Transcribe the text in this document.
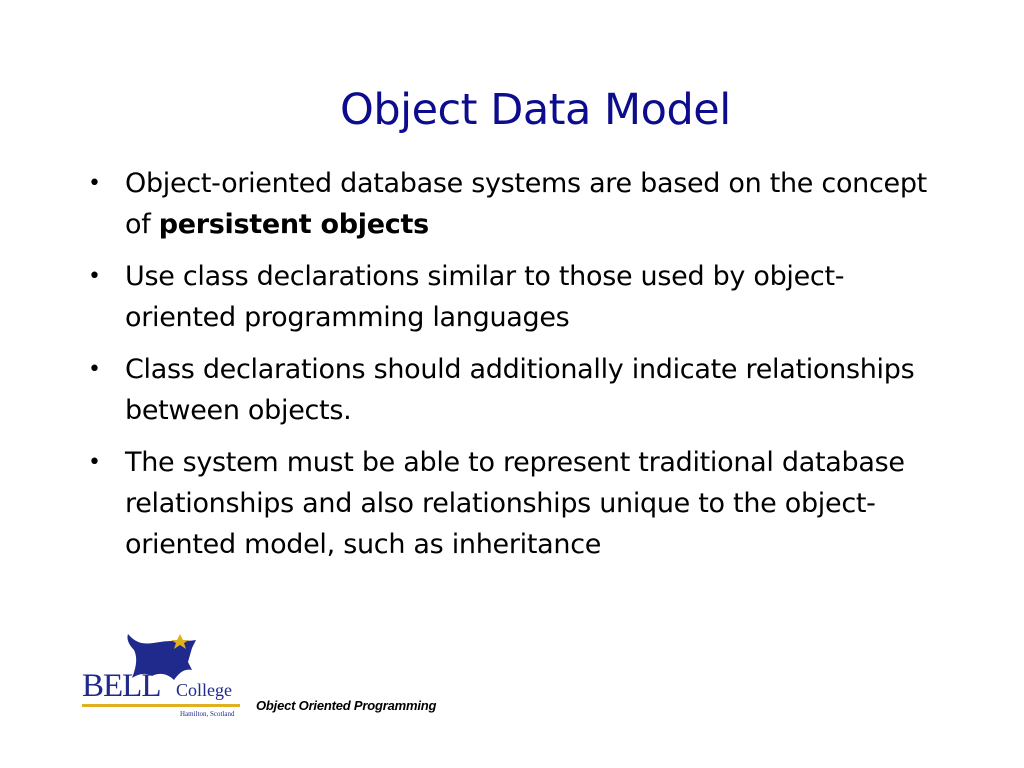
Object Data Model
• Object-oriented database systems are based on the concept of persistent objects
• Use class declarations similar to those used by object-oriented programming languages
• Class declarations should additionally indicate relationships between objects.
• The system must be able to represent traditional database relationships and also relationships unique to the object-oriented model, such as inheritance
BELL College
Hamilton, Scotland
Object Oriented Programming
